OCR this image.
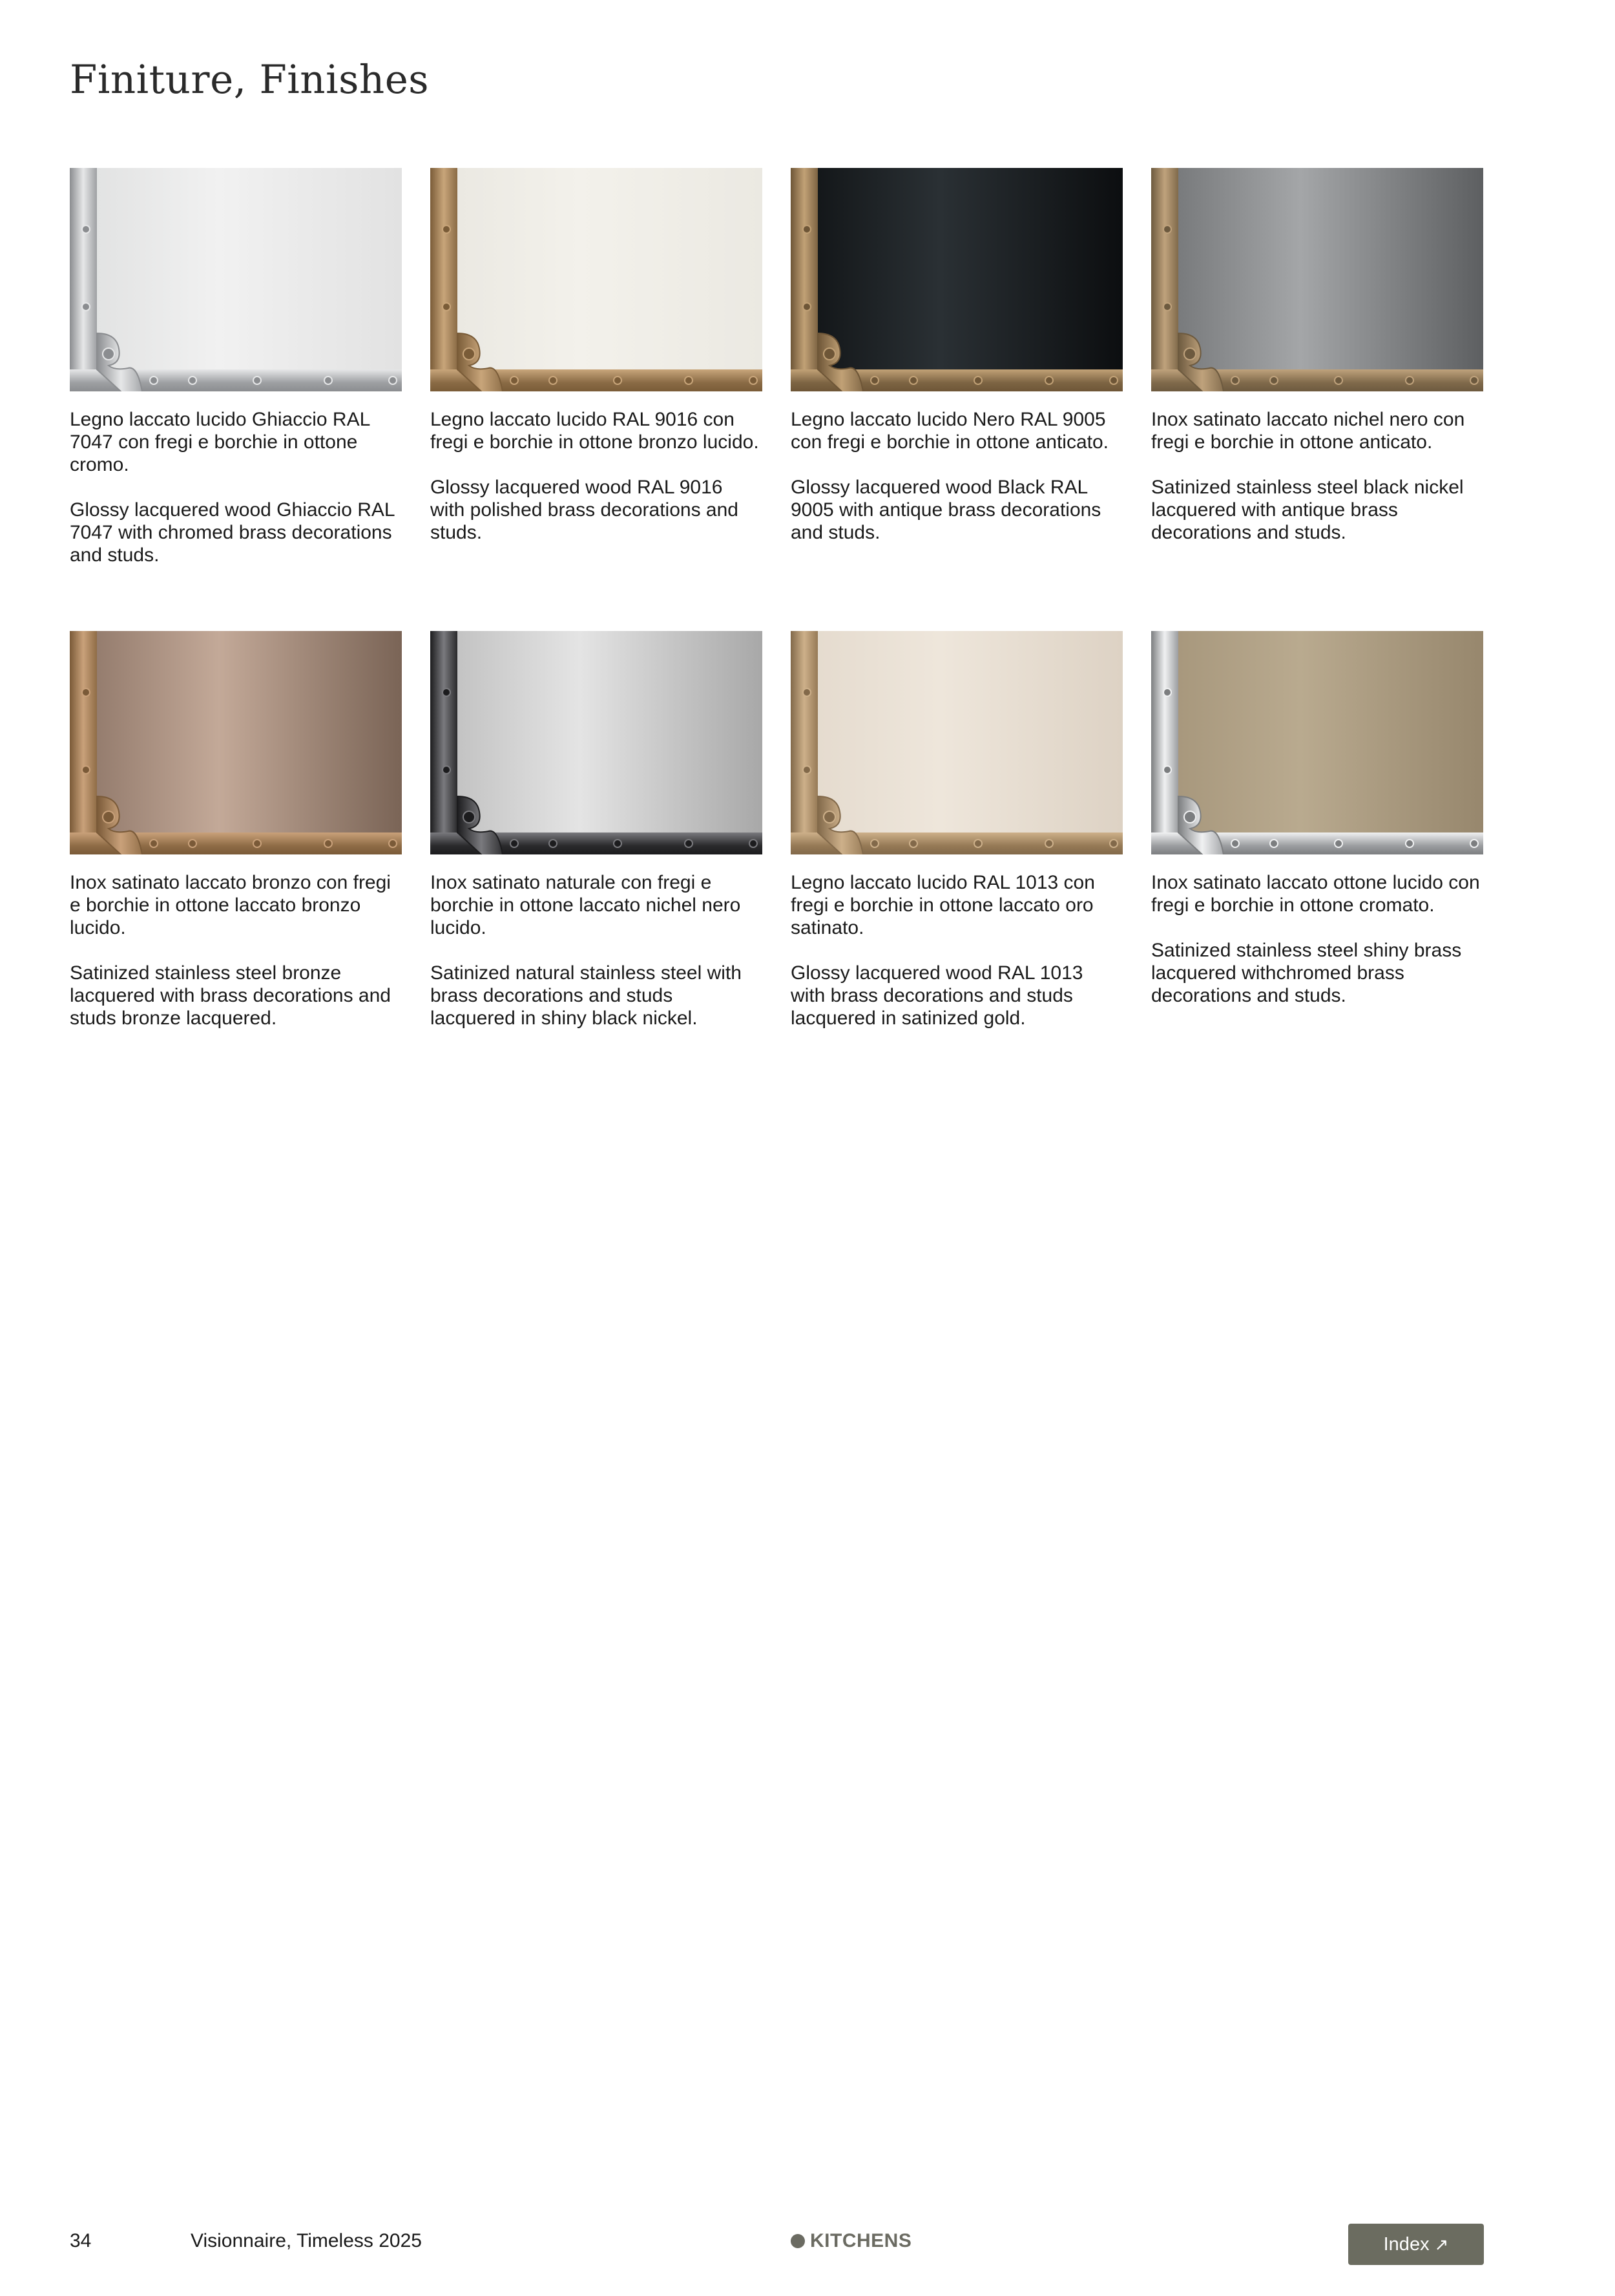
Finiture, Finishes

Legno laccato lucido Ghiaccio RAL 7047 con fregi e borchie in ottone cromo.

Glossy lacquered wood Ghiaccio RAL 7047 with chromed brass decorations and studs.

Legno laccato lucido RAL 9016 con fregi e borchie in ottone bronzo lucido.

Glossy lacquered wood RAL 9016 with polished brass decorations and studs.

Legno laccato lucido Nero RAL 9005 con fregi e borchie in ottone anticato.

Glossy lacquered wood Black RAL 9005 with antique brass decorations and studs.

Inox satinato laccato nichel nero con fregi e borchie in ottone anticato.

Satinized stainless steel black nickel lacquered with antique brass decorations and studs.

Inox satinato laccato bronzo con fregi e borchie in ottone laccato bronzo lucido.

Satinized stainless steel bronze lacquered with brass decorations and studs bronze lacquered.

Inox satinato naturale con fregi e borchie in ottone laccato nichel nero lucido.

Satinized natural stainless steel with brass decorations and studs lacquered in shiny black nickel.

Legno laccato lucido RAL 1013 con fregi e borchie in ottone laccato oro satinato.

Glossy lacquered wood RAL 1013 with brass decorations and studs lacquered in satinized gold.

Inox satinato laccato ottone lucido con fregi e borchie in ottone cromato.

Satinized stainless steel shiny brass lacquered withchromed brass decorations and studs.

34	Visionnaire, Timeless 2025	KITCHENS	Index ↗
